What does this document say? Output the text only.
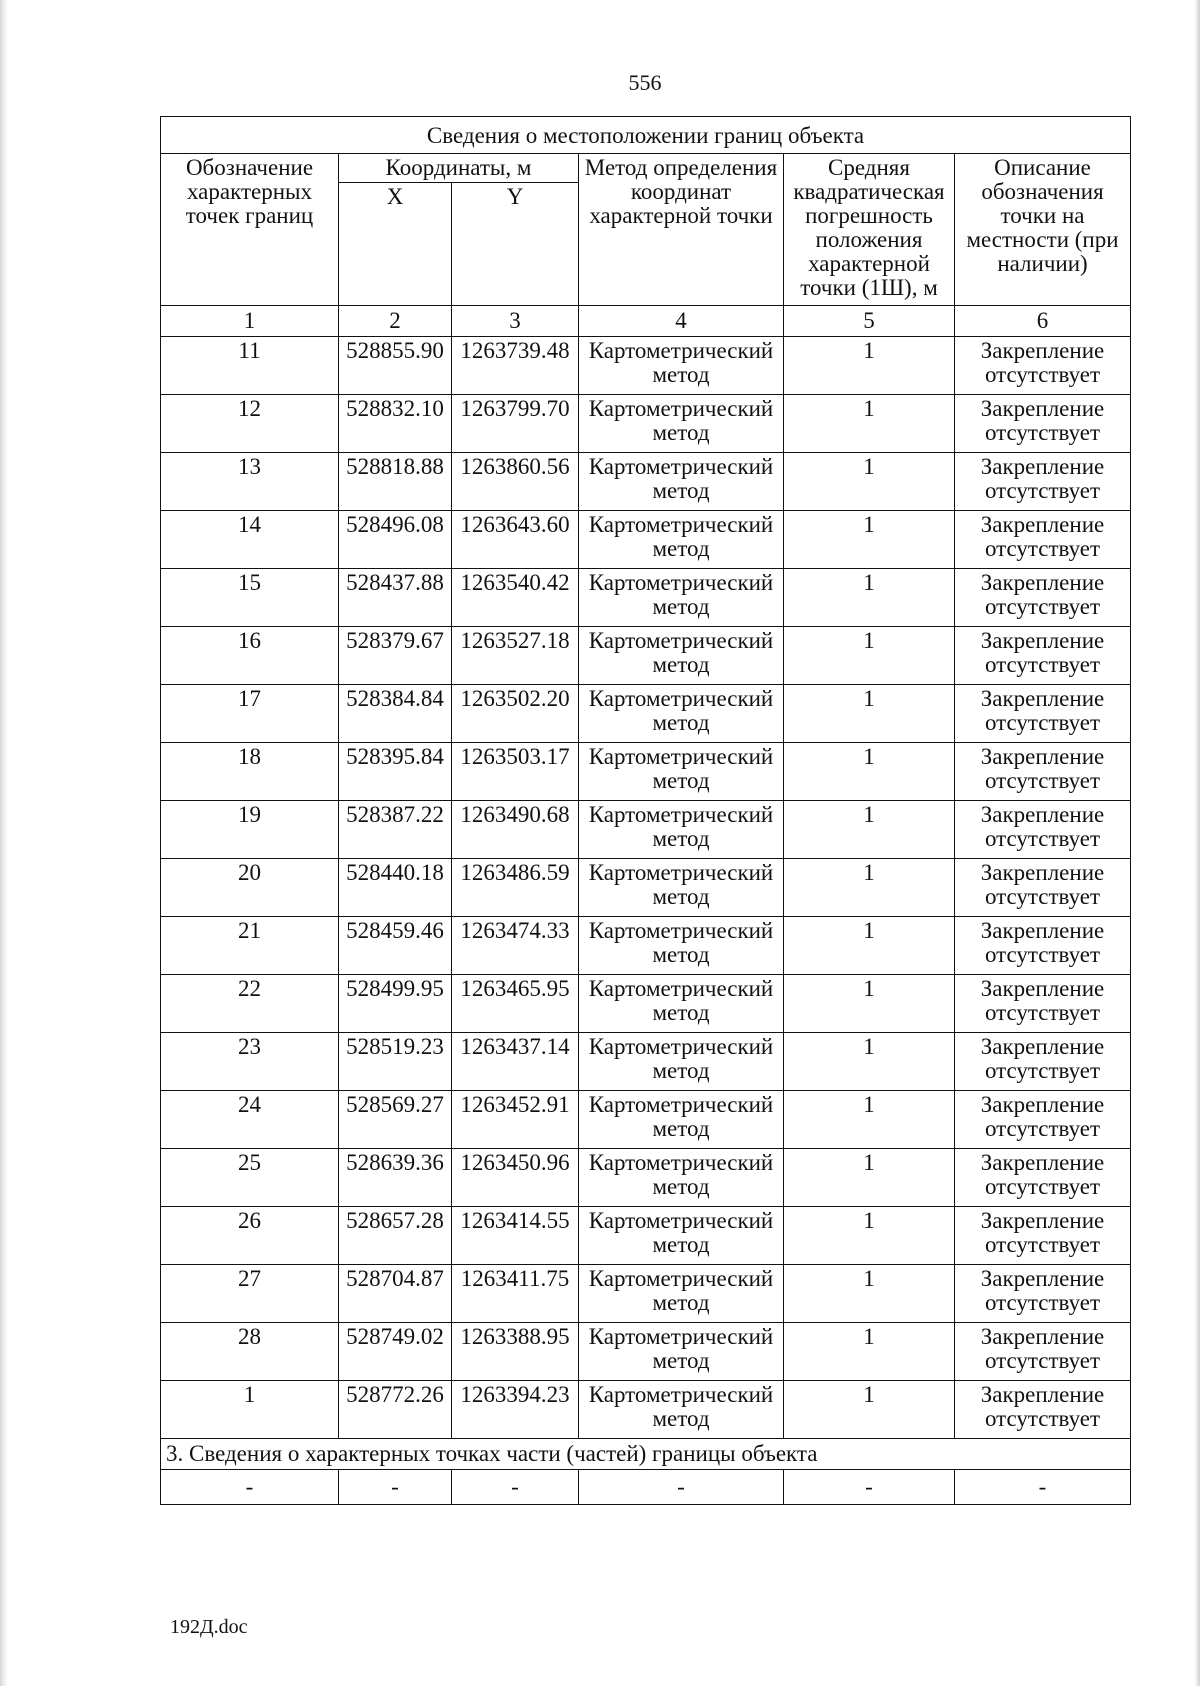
556
Сведения о местоположении границ объекта					
Обозначение характерных точек границ	Координаты, м		Метод определения координат характерной точки	Средняя квадратическая погрешность положения характерной точки (1Ш), м	Описание обозначения точки на местности (при наличии)
	X	Y			
1	2	3	4	5	6
11	528855.90	1263739.48	Картометрический метод	1	Закрепление отсутствует
12	528832.10	1263799.70	Картометрический метод	1	Закрепление отсутствует
13	528818.88	1263860.56	Картометрический метод	1	Закрепление отсутствует
14	528496.08	1263643.60	Картометрический метод	1	Закрепление отсутствует
15	528437.88	1263540.42	Картометрический метод	1	Закрепление отсутствует
16	528379.67	1263527.18	Картометрический метод	1	Закрепление отсутствует
17	528384.84	1263502.20	Картометрический метод	1	Закрепление отсутствует
18	528395.84	1263503.17	Картометрический метод	1	Закрепление отсутствует
19	528387.22	1263490.68	Картометрический метод	1	Закрепление отсутствует
20	528440.18	1263486.59	Картометрический метод	1	Закрепление отсутствует
21	528459.46	1263474.33	Картометрический метод	1	Закрепление отсутствует
22	528499.95	1263465.95	Картометрический метод	1	Закрепление отсутствует
23	528519.23	1263437.14	Картометрический метод	1	Закрепление отсутствует
24	528569.27	1263452.91	Картометрический метод	1	Закрепление отсутствует
25	528639.36	1263450.96	Картометрический метод	1	Закрепление отсутствует
26	528657.28	1263414.55	Картометрический метод	1	Закрепление отсутствует
27	528704.87	1263411.75	Картометрический метод	1	Закрепление отсутствует
28	528749.02	1263388.95	Картометрический метод	1	Закрепление отсутствует
1	528772.26	1263394.23	Картометрический метод	1	Закрепление отсутствует
3. Сведения о характерных точках части (частей) границы объекта					
-	-	-	-	-	-
192Д.doc
